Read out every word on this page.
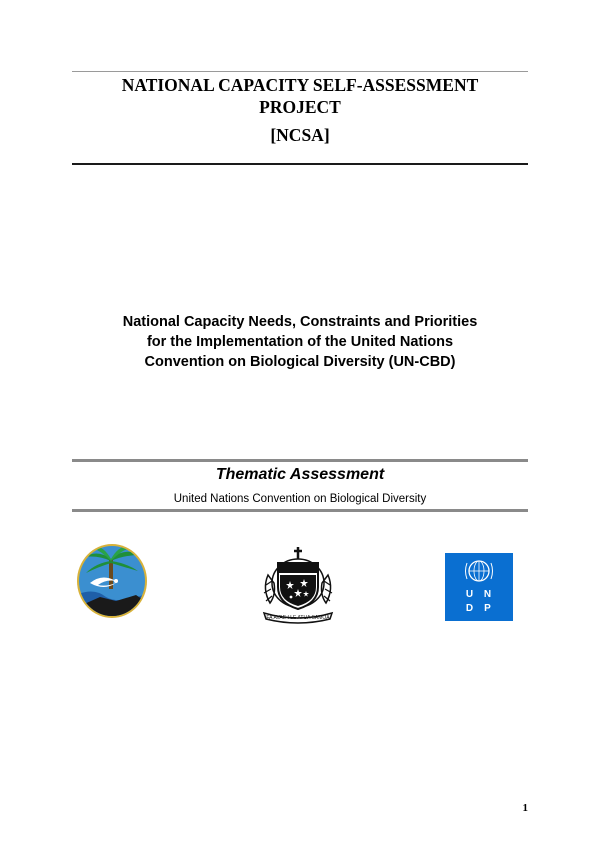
NATIONAL CAPACITY SELF-ASSESSMENT
PROJECT
[NCSA]
National Capacity Needs, Constraints and Priorities
for the Implementation of the United Nations
Convention on Biological Diversity (UN-CBD)
Thematic Assessment
United Nations Convention on Biological Diversity
FA'AVAE I LE ATUA SAMOA
U	N
D	P
1
